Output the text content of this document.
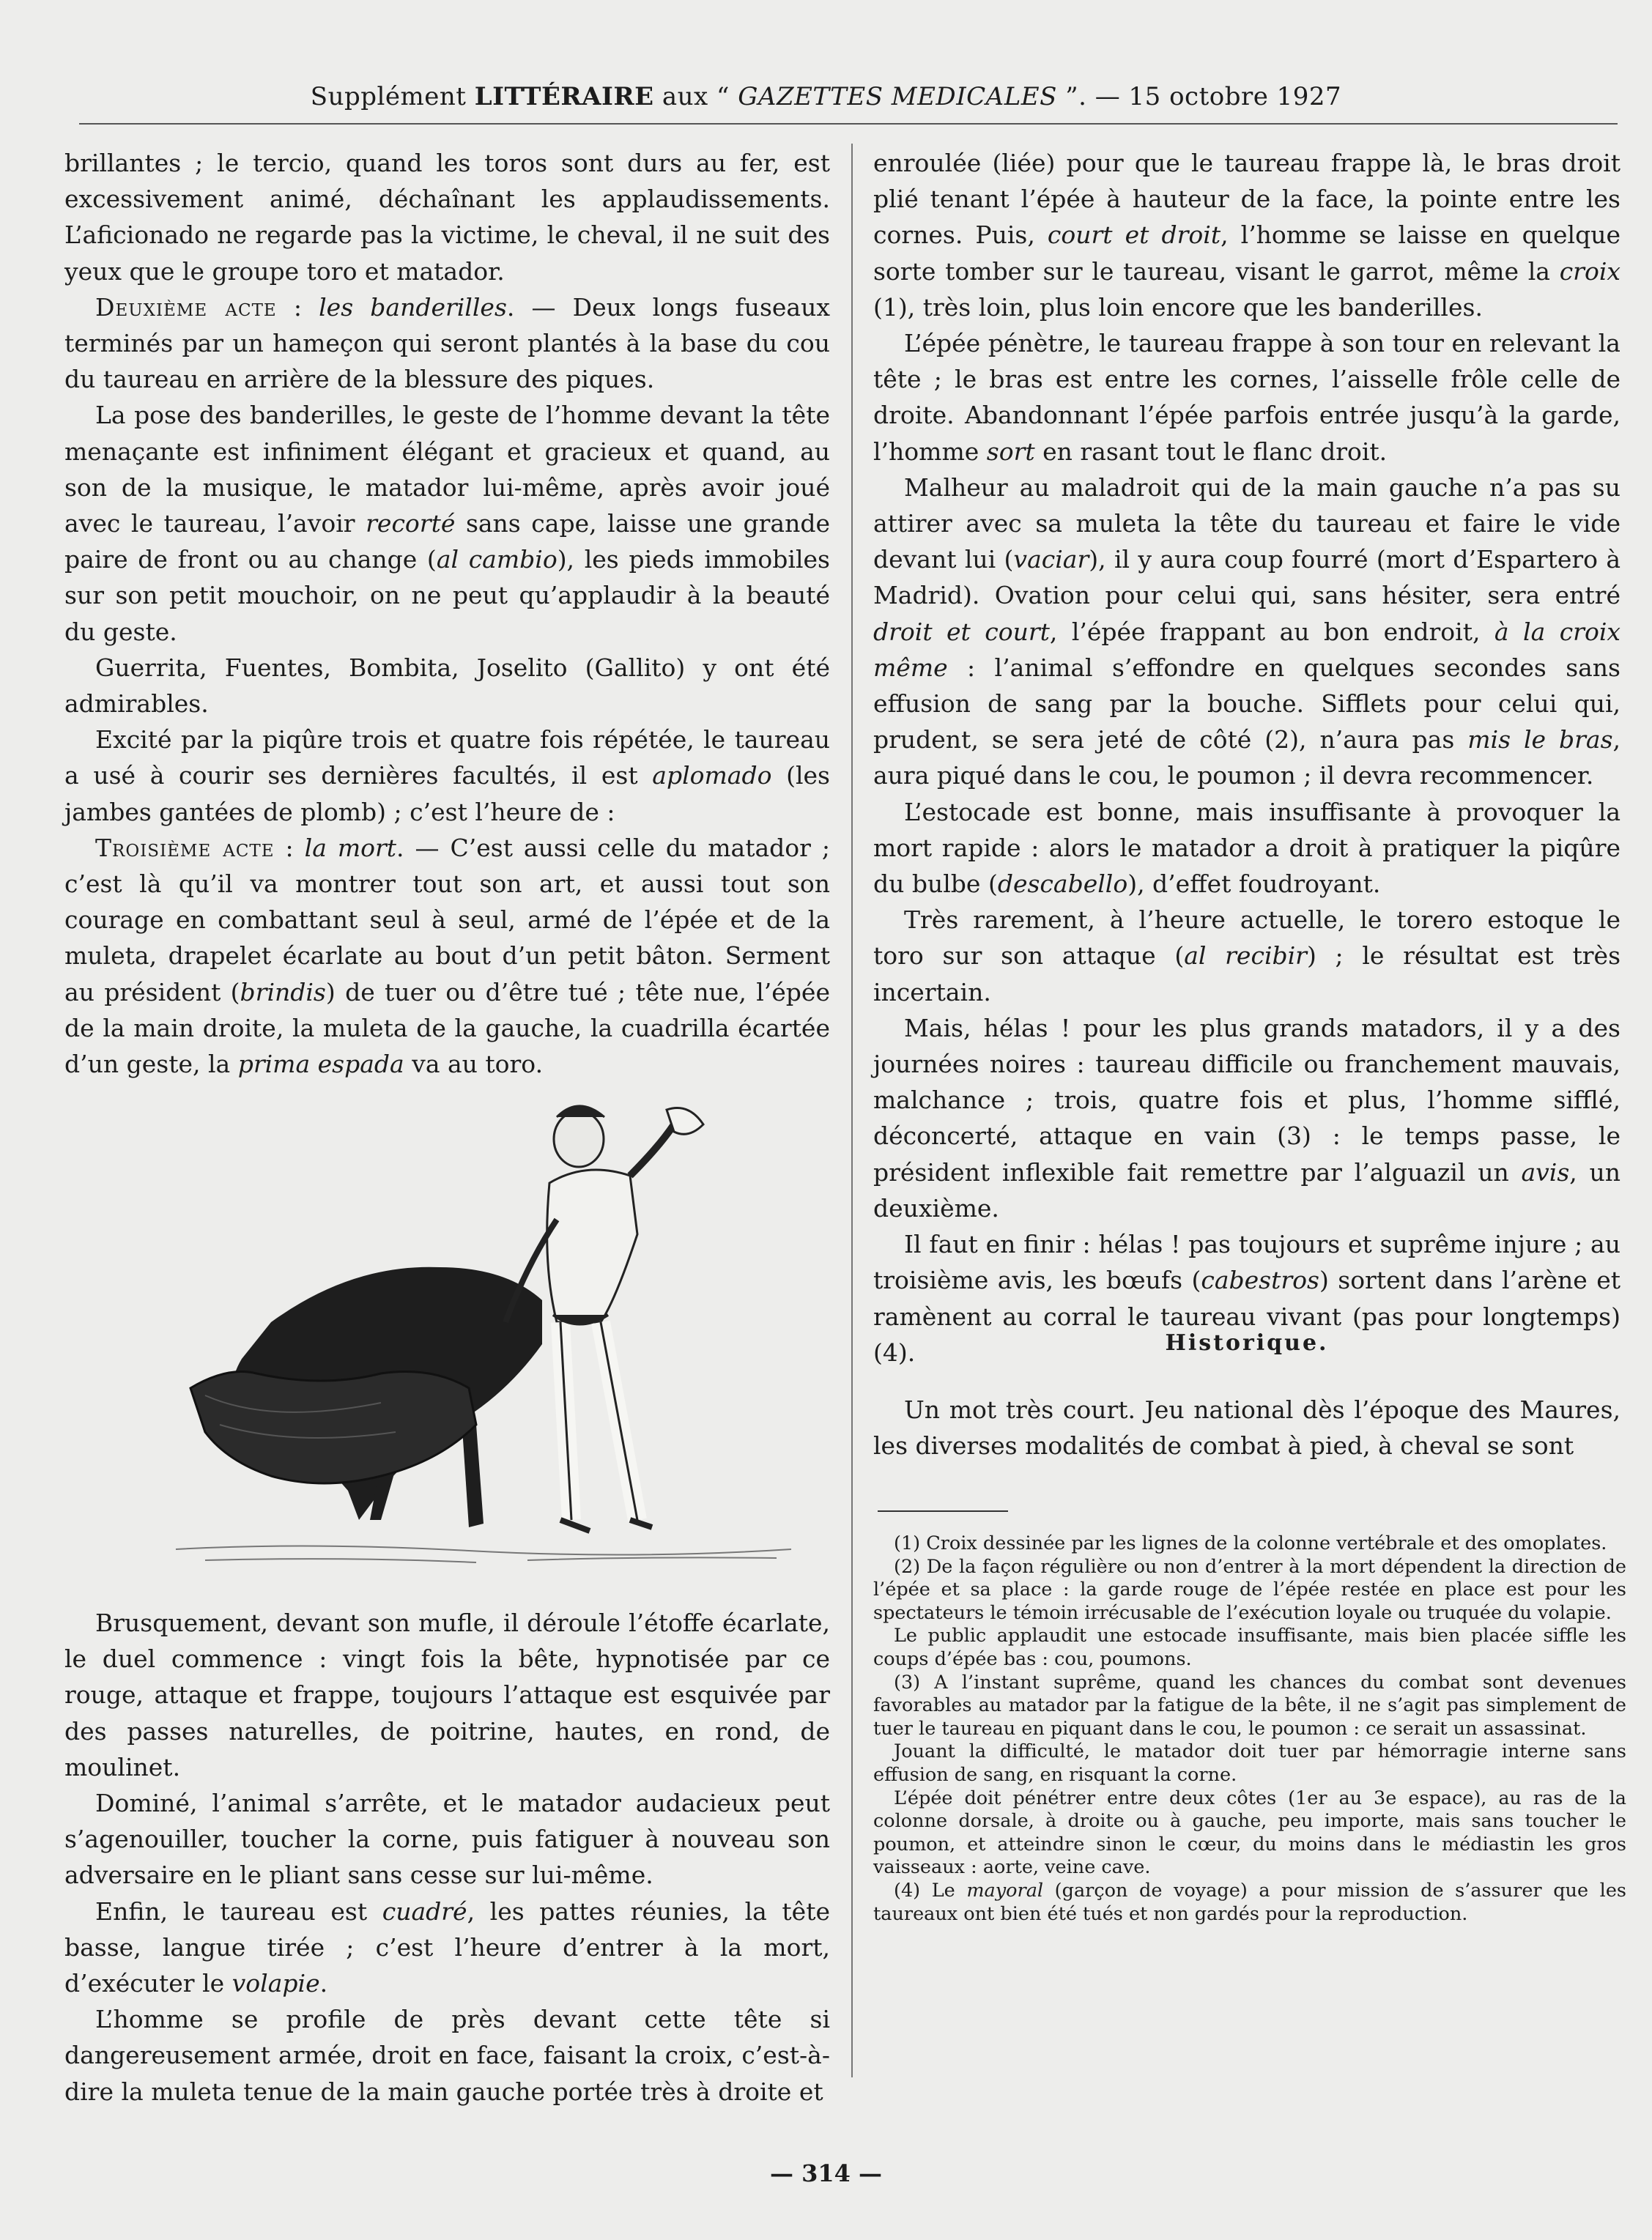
Supplément LITTÉRAIRE aux “ GAZETTES MEDICALES ”. — 15 octobre 1927

brillantes ; le tercio, quand les toros sont durs au fer, est excessivement animé, déchaînant les applaudissements. L’aficionado ne regarde pas la victime, le cheval, il ne suit des yeux que le groupe toro et matador.

Deuxième acte : les banderilles. — Deux longs fuseaux terminés par un hameçon qui seront plantés à la base du cou du taureau en arrière de la blessure des piques.

La pose des banderilles, le geste de l’homme devant la tête menaçante est infiniment élégant et gracieux et quand, au son de la musique, le matador lui-même, après avoir joué avec le taureau, l’avoir recorté sans cape, laisse une grande paire de front ou au change (al cambio), les pieds immobiles sur son petit mouchoir, on ne peut qu’applaudir à la beauté du geste.

Guerrita, Fuentes, Bombita, Joselito (Gallito) y ont été admirables.

Excité par la piqûre trois et quatre fois répétée, le taureau a usé à courir ses dernières facultés, il est aplomado (les jambes gantées de plomb) ; c’est l’heure de :

Troisième acte : la mort. — C’est aussi celle du matador ; c’est là qu’il va montrer tout son art, et aussi tout son courage en combattant seul à seul, armé de l’épée et de la muleta, drapelet écarlate au bout d’un petit bâton. Serment au président (brindis) de tuer ou d’être tué ; tête nue, l’épée de la main droite, la muleta de la gauche, la cuadrilla écartée d’un geste, la prima espada va au toro.

Brusquement, devant son mufle, il déroule l’étoffe écarlate, le duel commence : vingt fois la bête, hypnotisée par ce rouge, attaque et frappe, toujours l’attaque est esquivée par des passes naturelles, de poitrine, hautes, en rond, de moulinet.

Dominé, l’animal s’arrête, et le matador audacieux peut s’agenouiller, toucher la corne, puis fatiguer à nouveau son adversaire en le pliant sans cesse sur lui-même.

Enfin, le taureau est cuadré, les pattes réunies, la tête basse, langue tirée ; c’est l’heure d’entrer à la mort, d’exécuter le volapie.

L’homme se profile de près devant cette tête si dangereusement armée, droit en face, faisant la croix, c’est-à-dire la muleta tenue de la main gauche portée très à droite et

enroulée (liée) pour que le taureau frappe là, le bras droit plié tenant l’épée à hauteur de la face, la pointe entre les cornes. Puis, court et droit, l’homme se laisse en quelque sorte tomber sur le taureau, visant le garrot, même la croix (1), très loin, plus loin encore que les banderilles.

L’épée pénètre, le taureau frappe à son tour en relevant la tête ; le bras est entre les cornes, l’aisselle frôle celle de droite. Abandonnant l’épée parfois entrée jusqu’à la garde, l’homme sort en rasant tout le flanc droit.

Malheur au maladroit qui de la main gauche n’a pas su attirer avec sa muleta la tête du taureau et faire le vide devant lui (vaciar), il y aura coup fourré (mort d’Espartero à Madrid). Ovation pour celui qui, sans hésiter, sera entré droit et court, l’épée frappant au bon endroit, à la croix même : l’animal s’effondre en quelques secondes sans effusion de sang par la bouche. Sifflets pour celui qui, prudent, se sera jeté de côté (2), n’aura pas mis le bras, aura piqué dans le cou, le poumon ; il devra recommencer.

L’estocade est bonne, mais insuffisante à provoquer la mort rapide : alors le matador a droit à pratiquer la piqûre du bulbe (descabello), d’effet foudroyant.

Très rarement, à l’heure actuelle, le torero estoque le toro sur son attaque (al recibir) ; le résultat est très incertain.

Mais, hélas ! pour les plus grands matadors, il y a des journées noires : taureau difficile ou franchement mauvais, malchance ; trois, quatre fois et plus, l’homme sifflé, déconcerté, attaque en vain (3) : le temps passe, le président inflexible fait remettre par l’alguazil un avis, un deuxième.

Il faut en finir : hélas ! pas toujours et suprême injure ; au troisième avis, les bœufs (cabestros) sortent dans l’arène et ramènent au corral le taureau vivant (pas pour longtemps) (4).	Historique.

Un mot très court. Jeu national dès l’époque des Maures, les diverses modalités de combat à pied, à cheval se sont

(1) Croix dessinée par les lignes de la colonne vertébrale et des omoplates.

(2) De la façon régulière ou non d’entrer à la mort dépendent la direction de l’épée et sa place : la garde rouge de l’épée restée en place est pour les spectateurs le témoin irrécusable de l’exécution loyale ou truquée du volapie.

Le public applaudit une estocade insuffisante, mais bien placée siffle les coups d’épée bas : cou, poumons.

(3) A l’instant suprême, quand les chances du combat sont devenues favorables au matador par la fatigue de la bête, il ne s’agit pas simplement de tuer le taureau en piquant dans le cou, le poumon : ce serait un assassinat.

Jouant la difficulté, le matador doit tuer par hémorragie interne sans effusion de sang, en risquant la corne.

L’épée doit pénétrer entre deux côtes (1er au 3e espace), au ras de la colonne dorsale, à droite ou à gauche, peu importe, mais sans toucher le poumon, et atteindre sinon le cœur, du moins dans le médiastin les gros vaisseaux : aorte, veine cave.

(4) Le mayoral (garçon de voyage) a pour mission de s’assurer que les taureaux ont bien été tués et non gardés pour la reproduction.

— 314 —
